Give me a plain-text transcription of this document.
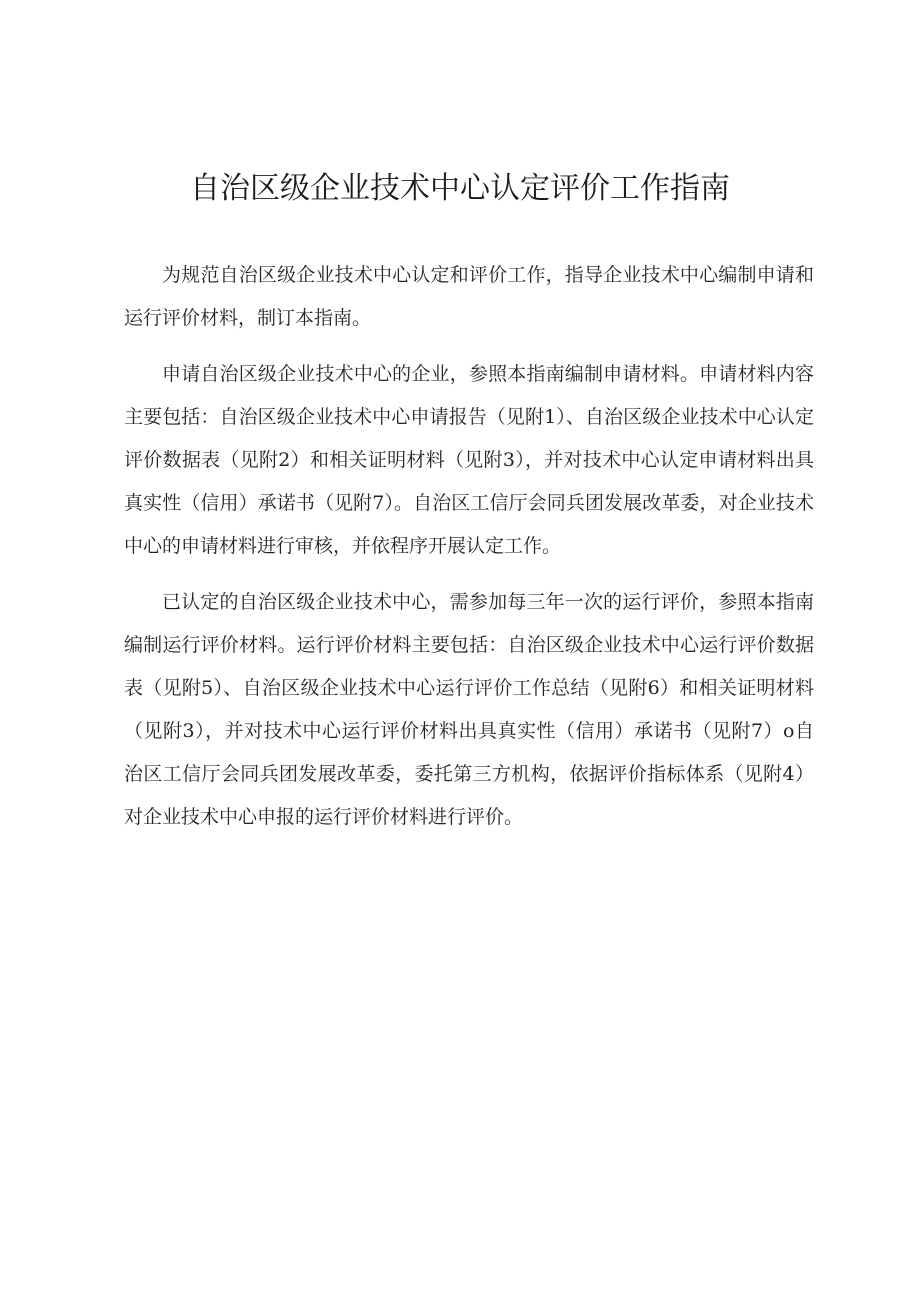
自治区级企业技术中心认定评价工作指南

为规范自治区级企业技术中心认定和评价工作，指导企业技术中心编制申请和运行评价材料，制订本指南。

申请自治区级企业技术中心的企业，参照本指南编制申请材料。申请材料内容主要包括：自治区级企业技术中心申请报告（见附1）、自治区级企业技术中心认定评价数据表（见附2）和相关证明材料（见附3），并对技术中心认定申请材料出具真实性（信用）承诺书（见附7）。自治区工信厅会同兵团发展改革委，对企业技术中心的申请材料进行审核，并依程序开展认定工作。

已认定的自治区级企业技术中心，需参加每三年一次的运行评价，参照本指南编制运行评价材料。运行评价材料主要包括：自治区级企业技术中心运行评价数据表（见附5）、自治区级企业技术中心运行评价工作总结（见附6）和相关证明材料（见附3），并对技术中心运行评价材料出具真实性（信用）承诺书（见附7）o自治区工信厅会同兵团发展改革委，委托第三方机构，依据评价指标体系（见附4）对企业技术中心申报的运行评价材料进行评价。
